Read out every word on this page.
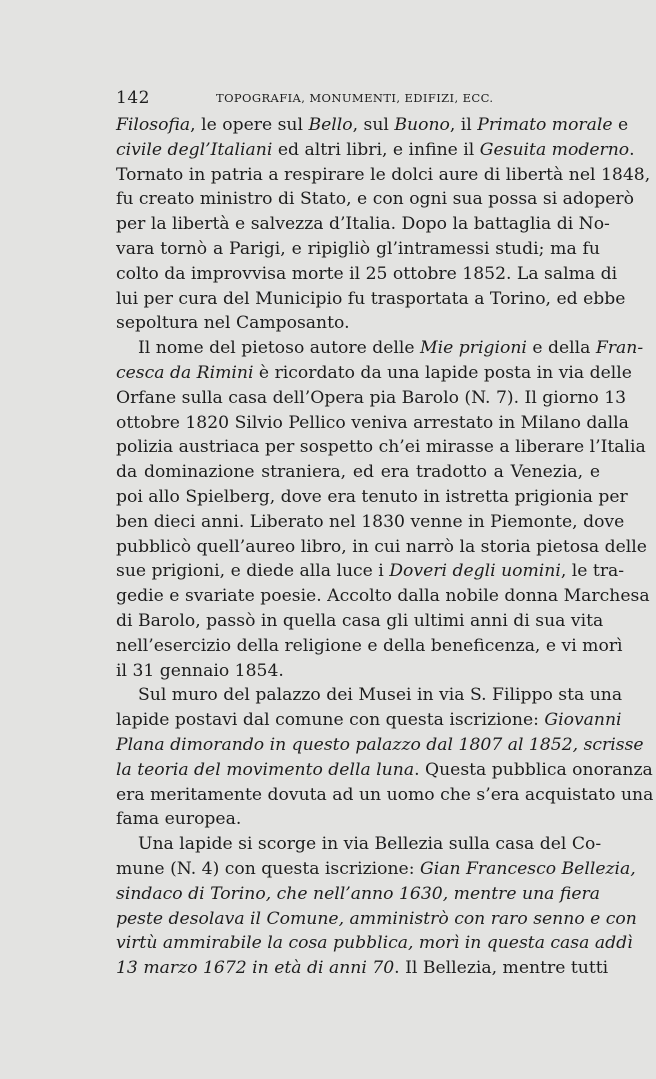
142	TOPOGRAFIA, MONUMENTI, EDIFIZI, ECC.
Filosofia, le opere sul Bello, sul Buono, il Primato morale e
civile degl’Italiani ed altri libri, e infine il Gesuita moderno.
Tornato in patria a respirare le dolci aure di libertà nel 1848,
fu creato ministro di Stato, e con ogni sua possa si adoperò
per la libertà e salvezza d’Italia. Dopo la battaglia di No-
vara tornò a Parigi, e ripigliò gl’intramessi studi; ma fu
colto da improvvisa morte il 25 ottobre 1852. La salma di
lui per cura del Municipio fu trasportata a Torino, ed ebbe
sepoltura nel Camposanto.
Il nome del pietoso autore delle Mie prigioni e della Fran-
cesca da Rimini è ricordato da una lapide posta in via delle
Orfane sulla casa dell’Opera pia Barolo (N. 7). Il giorno 13
ottobre 1820 Silvio Pellico veniva arrestato in Milano dalla
polizia austriaca per sospetto ch’ei mirasse a liberare l’Italia
da dominazione straniera, ed era tradotto a Venezia, e
poi allo Spielberg, dove era tenuto in istretta prigionia per
ben dieci anni. Liberato nel 1830 venne in Piemonte, dove
pubblicò quell’aureo libro, in cui narrò la storia pietosa delle
sue prigioni, e diede alla luce i Doveri degli uomini, le tra-
gedie e svariate poesie. Accolto dalla nobile donna Marchesa
di Barolo, passò in quella casa gli ultimi anni di sua vita
nell’esercizio della religione e della beneficenza, e vi morì
il 31 gennaio 1854.
Sul muro del palazzo dei Musei in via S. Filippo sta una
lapide postavi dal comune con questa iscrizione: Giovanni
Plana dimorando in questo palazzo dal 1807 al 1852, scrisse
la teoria del movimento della luna. Questa pubblica onoranza
era meritamente dovuta ad un uomo che s’era acquistato una
fama europea.
Una lapide si scorge in via Bellezia sulla casa del Co-
mune (N. 4) con questa iscrizione: Gian Francesco Bellezia,
sindaco di Torino, che nell’anno 1630, mentre una fiera
peste desolava il Comune, amministrò con raro senno e con
virtù ammirabile la cosa pubblica, morì in questa casa addì
13 marzo 1672 in età di anni 70. Il Bellezia, mentre tutti
